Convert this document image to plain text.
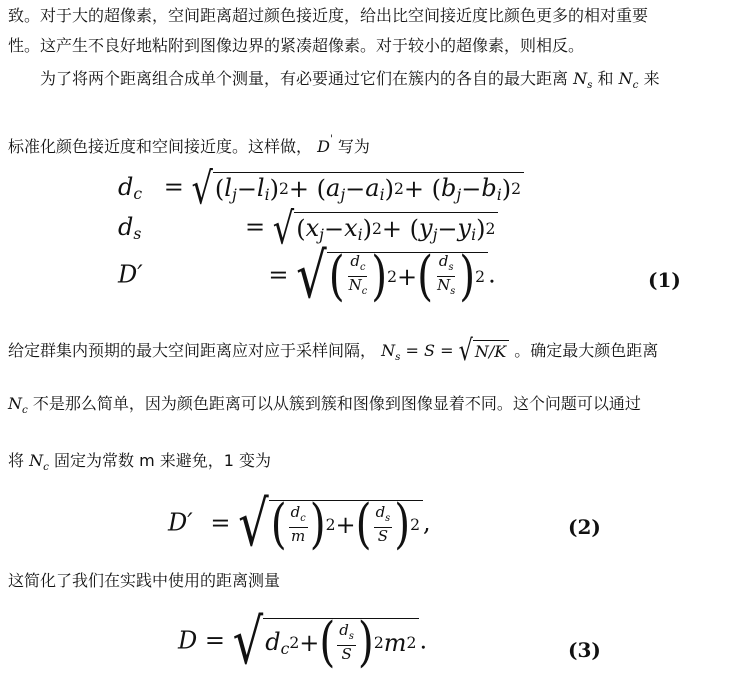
致。对于大的超像素，空间距离超过颜色接近度，给出比空间接近度比颜色更多的相对重要
性。这产生不良好地粘附到图像边界的紧凑超像素。对于较小的超像素，则相反。
为了将两个距离组合成单个测量，有必要通过它们在簇内的各自的最大距离 $N_s$ 和 $N_c$ 来
标准化颜色接近度和空间接近度。这样做， D' 写为
$d_c$ = √ ( $l_j - l_i$ ) 2 + ( $a_j - a_i$ ) 2 + ( $b_j - b_i$ ) 2
$d_s$	= √ ( $x_j - x_i$ ) 2 + ( $y_j - y_i$ ) 2
D′	= √ ( $\frac{d_c}{N_c}$ ) 2 + ( $\frac{d_s}{N_s}$ ) 2 .	(1)
给定群集内预期的最大空间距离应对应于采样间隔， $N_s = S$ = √ N/K 。确定最大颜色距离
$N_c$ 不是那么简单，因为颜色距离可以从簇到簇和图像到图像显着不同。这个问题可以通过
将 $N_c$ 固定为常数 m 来避免，1 变为
D′ = √ ( $\frac{d_c}{m}$ ) 2 + ( $\frac{d_s}{S}$ ) 2 ,	(2)
这简化了我们在实践中使用的距离测量
D = √ $d_c$ 2 + ( $\frac{d_s}{S}$ ) 2 m 2 .	(3)
